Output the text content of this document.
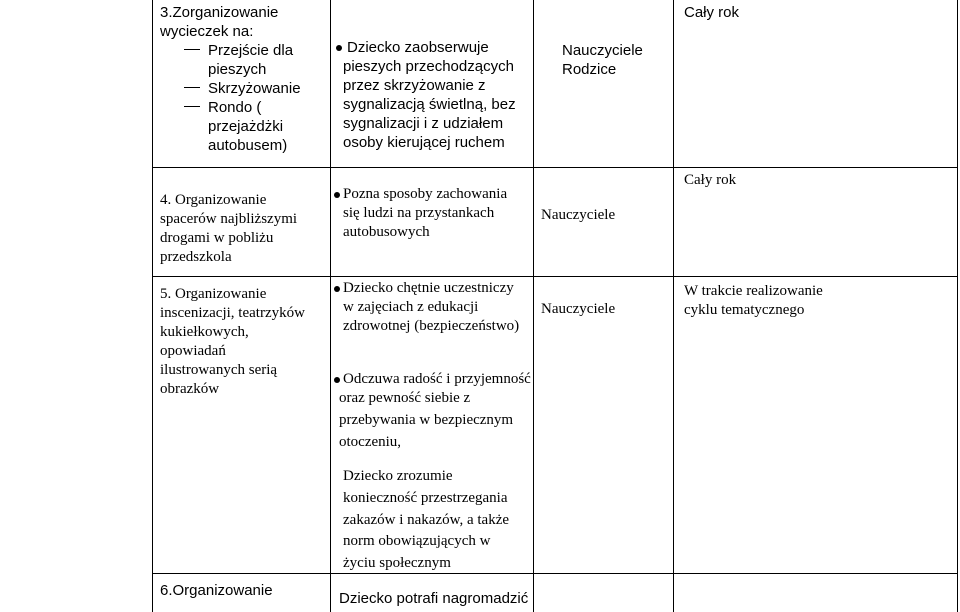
3.Zorganizowanie
wycieczek na:
Przejście dla
pieszych
Skrzyżowanie
Rondo (
przejażdżki
autobusem)
Dziecko zaobserwuje
pieszych przechodzących
przez skrzyżowanie z
sygnalizacją świetlną, bez
sygnalizacji i z udziałem
osoby kierującej ruchem
Nauczyciele
Rodzice
Cały rok
4. Organizowanie
spacerów najbliższymi
drogami w pobliżu
przedszkola
Pozna sposoby zachowania
się ludzi na przystankach
autobusowych
Nauczyciele
Cały rok
5. Organizowanie
inscenizacji, teatrzyków
kukiełkowych,
opowiadań
ilustrowanych serią
obrazków
Dziecko chętnie uczestniczy
w zajęciach z edukacji
zdrowotnej (bezpieczeństwo)
Odczuwa radość i przyjemność
oraz pewność siebie z
przebywania w bezpiecznym
otoczeniu,
Dziecko zrozumie
konieczność przestrzegania
zakazów i nakazów, a także
norm obowiązujących w
życiu społecznym
Nauczyciele
W trakcie realizowanie
cyklu tematycznego
6.Organizowanie	Dziecko potrafi nagromadzić
